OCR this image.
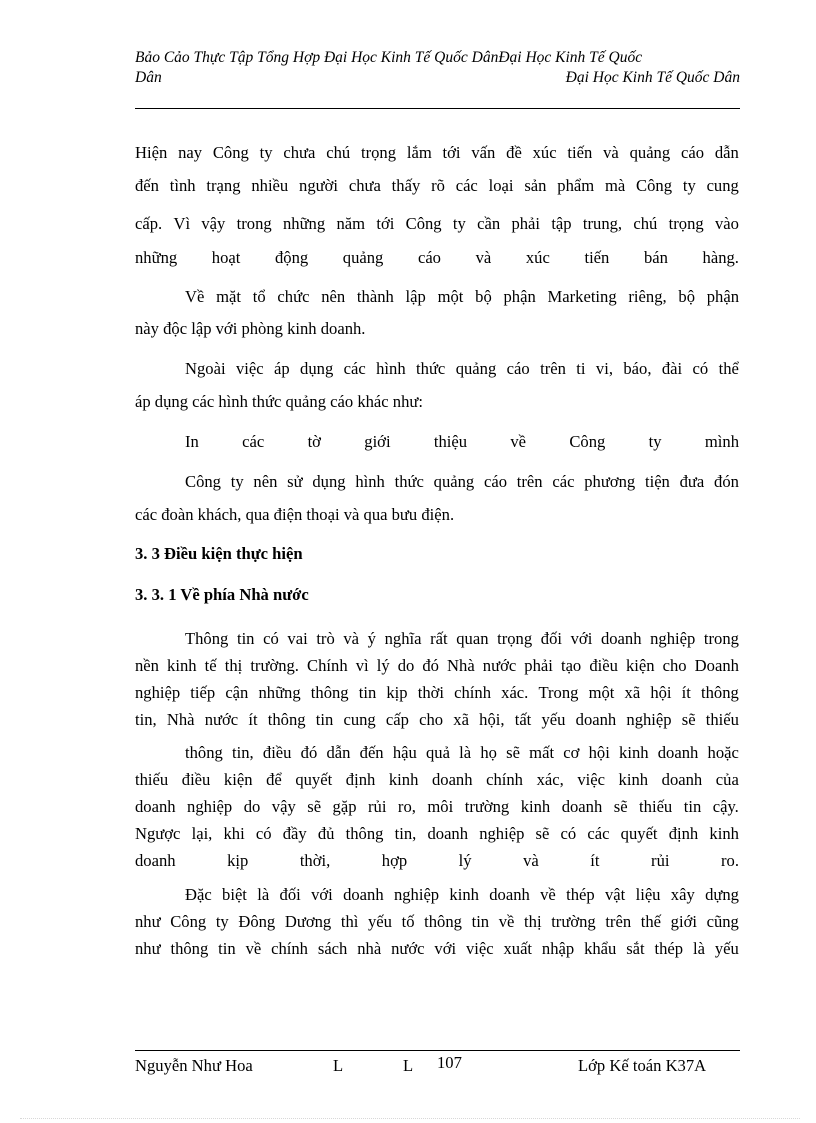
Bảo Cảo Thực Tập Tổng Hợp Đại Học Kinh Tế Quốc DânĐại Học Kinh Tế Quốc
Dân	Đại Học Kinh Tế Quốc Dân
Hiện nay Công ty chưa chú trọng lắm tới vấn đề xúc tiến và quảng cáo dẫn
đến tình trạng nhiều người chưa thấy rõ các loại sản phẩm mà Công ty cung
cấp. Vì vậy trong những năm tới Công ty cần phải tập trung, chú trọng vào
những hoạt động quảng cáo và xúc tiến bán hàng.
Về mặt tổ chức nên thành lập một bộ phận Marketing riêng, bộ phận
này độc lập với phòng kinh doanh.
Ngoài việc áp dụng các hình thức quảng cáo trên ti vi, báo, đài có thể
áp dụng các hình thức quảng cáo khác như:
In	các	tờ	giới	thiệu	về	Công	ty	mình
Công ty nên sử dụng hình thức quảng cáo trên các phương tiện đưa đón
các đoàn khách, qua điện thoại và qua bưu điện.
3. 3 Điều kiện thực hiện
3. 3. 1 Về phía Nhà nước
Thông tin có vai trò và ý nghĩa rất quan trọng đối với doanh nghiệp trong
nền kinh tế thị trường. Chính vì lý do đó Nhà nước phải tạo điều kiện cho Doanh
nghiệp tiếp cận những thông tin kịp thời chính xác. Trong một xã hội ít thông
tin, Nhà nước ít thông tin cung cấp cho xã hội, tất yếu doanh nghiệp sẽ thiếu
thông tin, điều đó dẫn đến hậu quả là họ sẽ mất cơ hội kinh doanh hoặc
thiếu điều kiện để quyết định kinh doanh chính xác, việc kinh doanh của
doanh nghiệp do vậy sẽ gặp rủi ro, môi trường kinh doanh sẽ thiếu tin cậy.
Ngược lại, khi có đầy đủ thông tin, doanh nghiệp sẽ có các quyết định kinh
doanh	kịp	thời,	hợp	lý	và	ít	rủi	ro.
Đặc biệt là đối với doanh nghiệp kinh doanh về thép vật liệu xây dựng
như Công ty Đông Dương thì yếu tố thông tin về thị trường trên thế giới cũng
như thông tin về chính sách nhà nước với việc xuất nhập khẩu sắt thép là yếu
Nguyễn Như Hoa	L	L 107	Lớp Kế toán K37A
